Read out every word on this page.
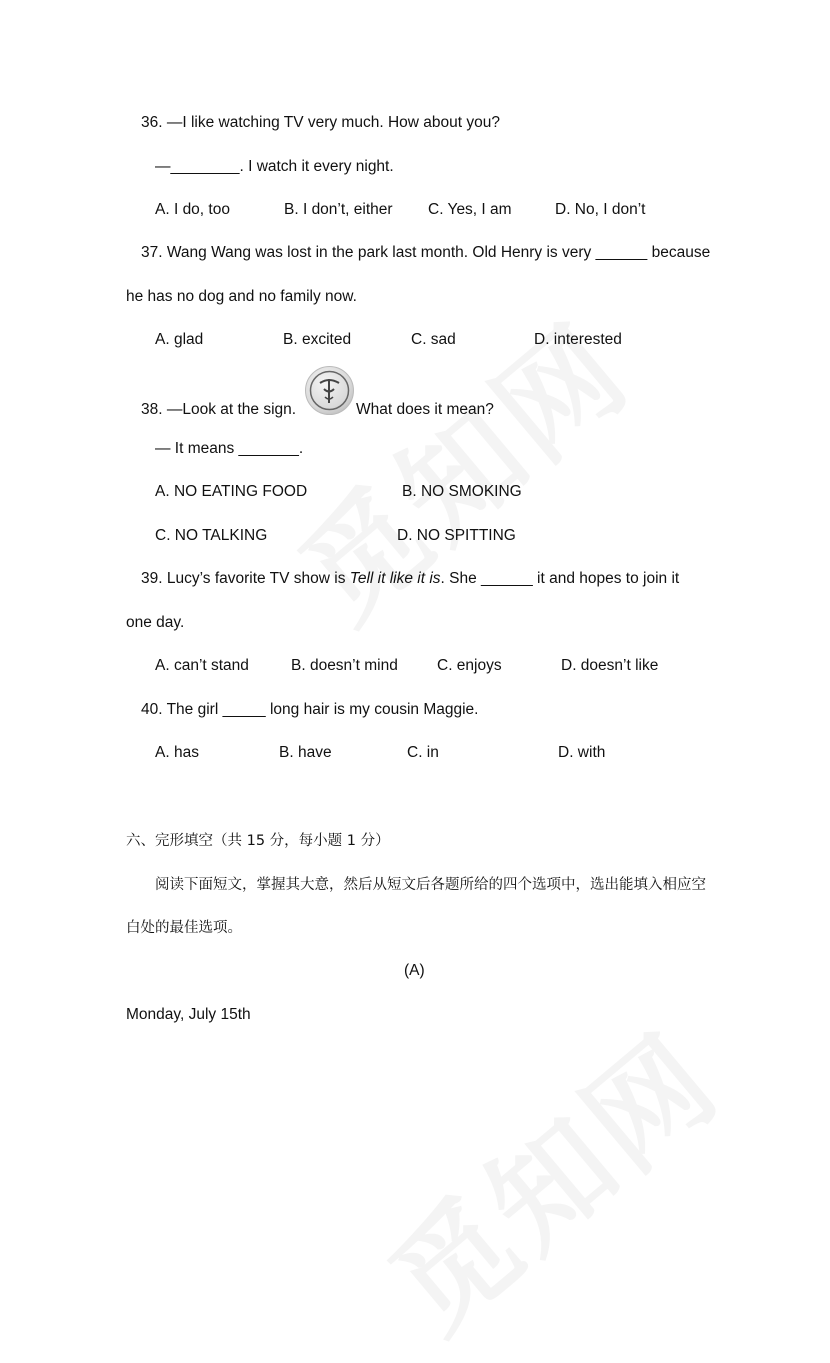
36. —I like watching TV very much. How about you?
—________. I watch it every night.
A. I do, too	B. I don’t, either C. Yes, I am	D. No, I don’t
37. Wang Wang was lost in the park last month. Old Henry is very ______ because
he has no dog and no family now.
A. glad	B. excited	C. sad	D. interested
38. —Look at the sign.	What does it mean?
— It means _______.
A. NO EATING FOOD	B. NO SMOKING
C. NO TALKING	D. NO SPITTING
39. Lucy’s favorite TV show is Tell it like it is. She ______ it and hopes to join it
one day.
A. can’t stand	B. doesn’t mind	C. enjoys	D. doesn’t like
40. The girl _____ long hair is my cousin Maggie.
A. has	B. have	C. in	D. with
六、完形填空（共 15 分，每小题 1 分）
阅读下面短文，掌握其大意，然后从短文后各题所给的四个选项中，选出能填入相应空
白处的最佳选项。
(A)
Monday, July 15th
